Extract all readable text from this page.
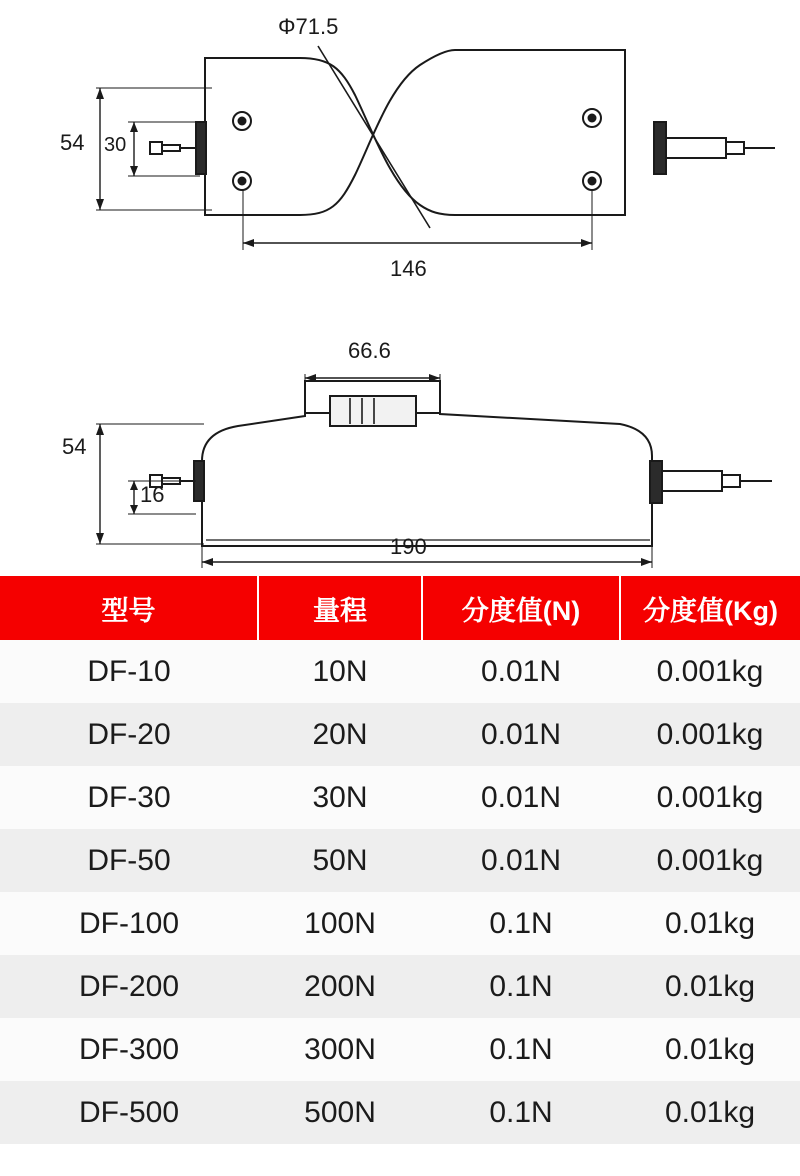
Φ71.5
54 30
146
66.6
54
16
190
型号	量程	分度值(N)	分度值(Kg)
DF-10	10N	0.01N	0.001kg
DF-20	20N	0.01N	0.001kg
DF-30	30N	0.01N	0.001kg
DF-50	50N	0.01N	0.001kg
DF-100	100N	0.1N	0.01kg
DF-200	200N	0.1N	0.01kg
DF-300	300N	0.1N	0.01kg
DF-500	500N	0.1N	0.01kg
